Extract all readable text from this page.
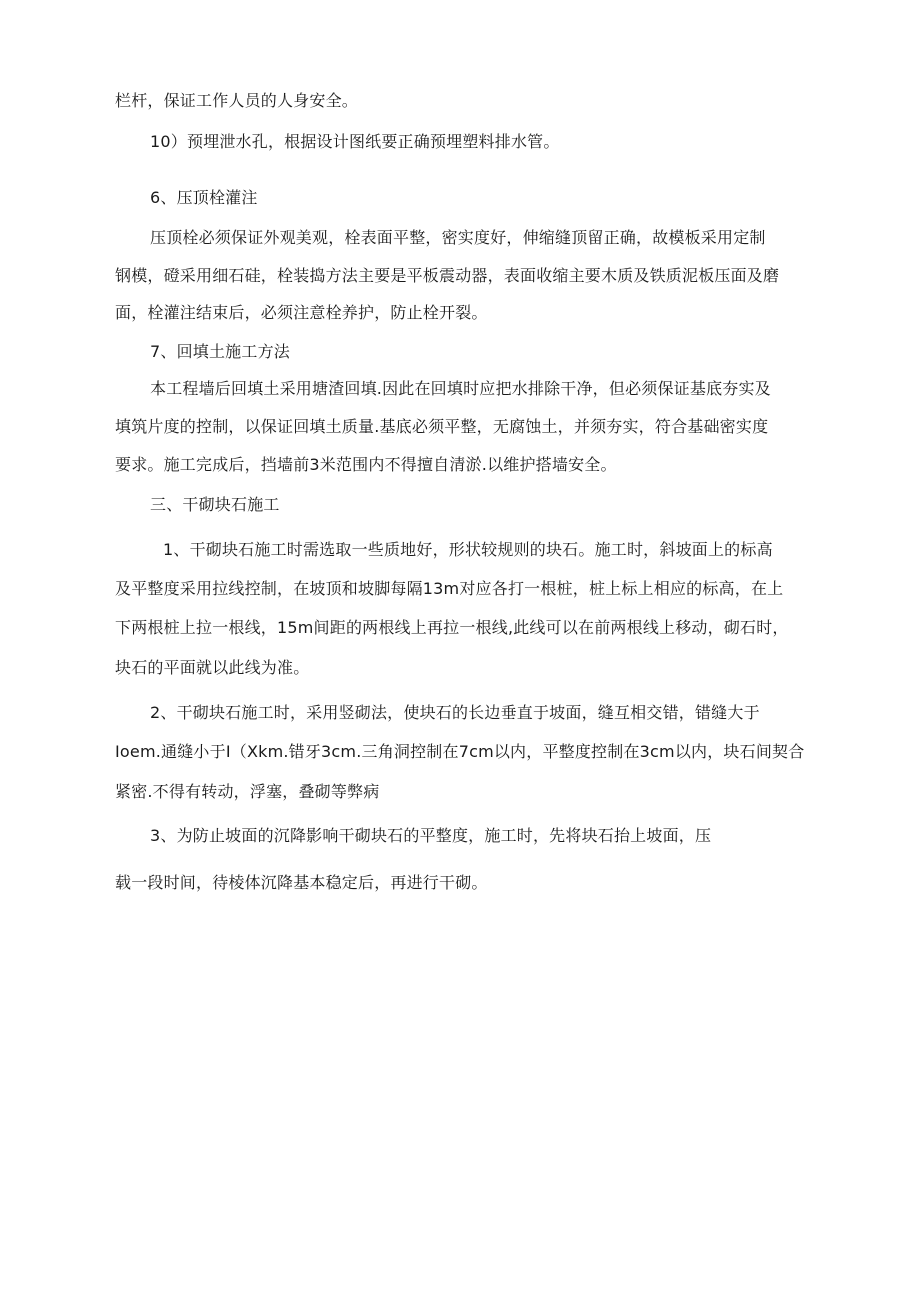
栏杆，保证工作人员的人身安全。
10）预埋泄水孔，根据设计图纸要正确预埋塑料排水管。
6、压顶栓灌注
压顶栓必须保证外观美观，栓表面平整，密实度好，伸缩缝顶留正确，故模板采用定制
钢模，磴采用细石硅，栓装捣方法主要是平板震动器，表面收缩主要木质及铁质泥板压面及磨
面，栓灌注结束后，必须注意栓养护，防止栓开裂。
7、回填土施工方法
本工程墙后回填土采用塘渣回填.因此在回填时应把水排除干净，但必须保证基底夯实及
填筑片度的控制，以保证回填土质量.基底必须平整，无腐蚀土，并须夯实，符合基础密实度
要求。施工完成后，挡墙前3米范围内不得擅自清淤.以维护搭墙安全。
三、干砌块石施工
1、干砌块石施工时需选取一些质地好，形状较规则的块石。施工时，斜坡面上的标高
及平整度采用拉线控制，在坡顶和坡脚每隔13m对应各打一根桩，桩上标上相应的标高，在上
下两根桩上拉一根线，15m间距的两根线上再拉一根线,此线可以在前两根线上移动，砌石时，
块石的平面就以此线为准。
2、干砌块石施工时，采用竖砌法，使块石的长边垂直于坡面，缝互相交错，错缝大于
Ioem.通缝小于I（Xkm.错牙3cm.三角洞控制在7cm以内，平整度控制在3cm以内，块石间契合
紧密.不得有转动，浮塞，叠砌等弊病
3、为防止坡面的沉降影响干砌块石的平整度，施工时，先将块石抬上坡面，压
载一段时间，待棱体沉降基本稳定后，再进行干砌。
